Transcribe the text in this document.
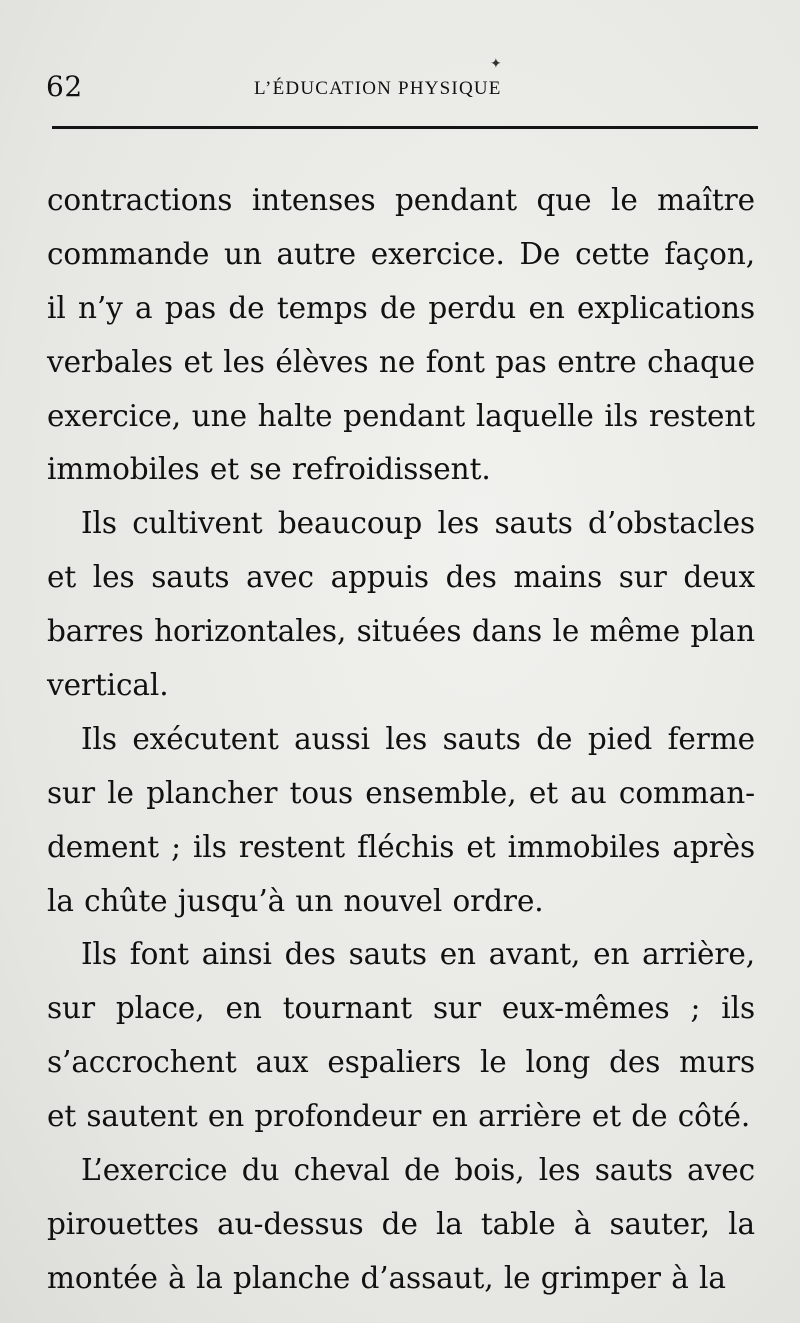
62
✦
L’ÉDUCATION PHYSIQUE
contractions intenses pendant que le maître
commande un autre exercice. De cette façon,
il n’y a pas de temps de perdu en explications
verbales et les élèves ne font pas entre chaque
exercice, une halte pendant laquelle ils restent
immobiles et se refroidissent.
Ils cultivent beaucoup les sauts d’obstacles
et les sauts avec appuis des mains sur deux
barres horizontales, situées dans le même plan
vertical.
Ils exécutent aussi les sauts de pied ferme
sur le plancher tous ensemble, et au comman-
dement ; ils restent fléchis et immobiles après
la chûte jusqu’à un nouvel ordre.
Ils font ainsi des sauts en avant, en arrière,
sur place, en tournant sur eux-mêmes ; ils
s’accrochent aux espaliers le long des murs
et sautent en profondeur en arrière et de côté.
L’exercice du cheval de bois, les sauts avec
pirouettes au-dessus de la table à sauter, la
montée à la planche d’assaut, le grimper à la
